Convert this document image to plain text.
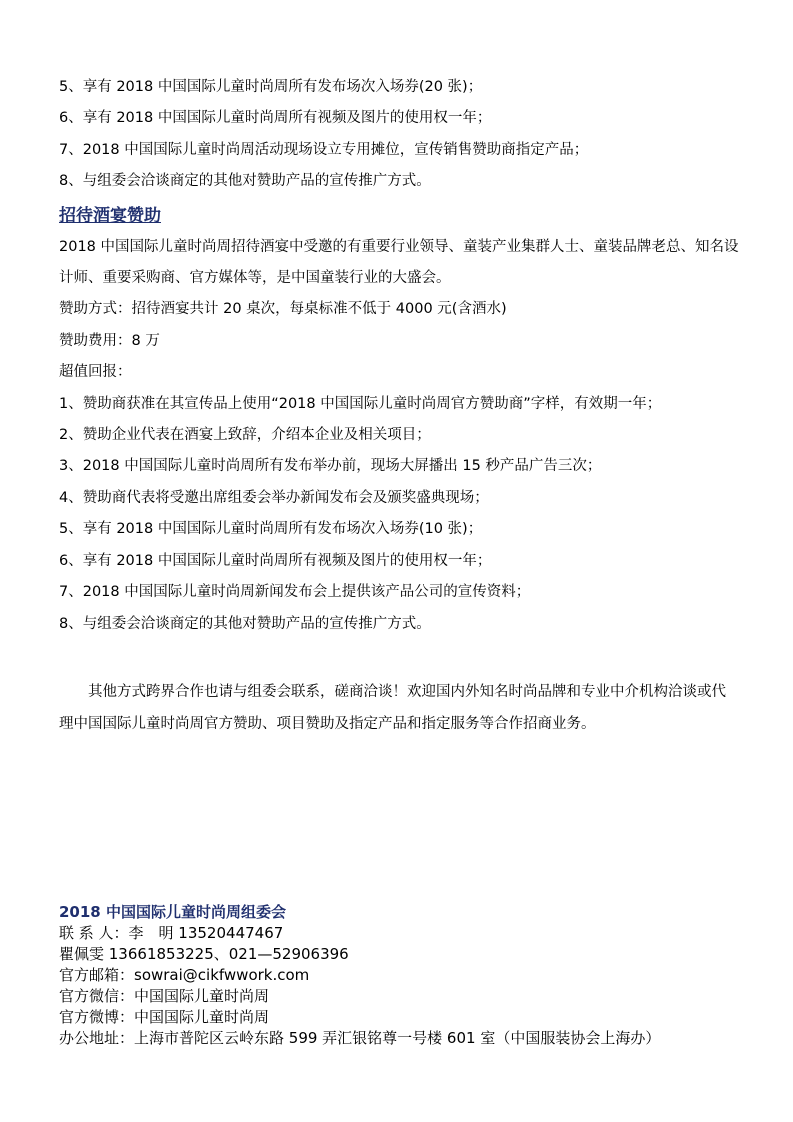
5、享有 2018 中国国际儿童时尚周所有发布场次入场券(20 张)；
6、享有 2018 中国国际儿童时尚周所有视频及图片的使用权一年；
7、2018 中国国际儿童时尚周活动现场设立专用摊位，宣传销售赞助商指定产品；
8、与组委会洽谈商定的其他对赞助产品的宣传推广方式。
招待酒宴赞助
2018 中国国际儿童时尚周招待酒宴中受邀的有重要行业领导、童装产业集群人士、童装品牌老总、知名设计师、重要采购商、官方媒体等，是中国童装行业的大盛会。
赞助方式：招待酒宴共计 20 桌次，每桌标准不低于 4000 元(含酒水)
赞助费用：8 万
超值回报：
1、赞助商获准在其宣传品上使用“2018 中国国际儿童时尚周官方赞助商”字样，有效期一年；
2、赞助企业代表在酒宴上致辞，介绍本企业及相关项目；
3、2018 中国国际儿童时尚周所有发布举办前，现场大屏播出 15 秒产品广告三次；
4、赞助商代表将受邀出席组委会举办新闻发布会及颁奖盛典现场；
5、享有 2018 中国国际儿童时尚周所有发布场次入场券(10 张)；
6、享有 2018 中国国际儿童时尚周所有视频及图片的使用权一年；
7、2018 中国国际儿童时尚周新闻发布会上提供该产品公司的宣传资料；
8、与组委会洽谈商定的其他对赞助产品的宣传推广方式。
其他方式跨界合作也请与组委会联系，磋商洽谈！欢迎国内外知名时尚品牌和专业中介机构洽谈或代理中国国际儿童时尚周官方赞助、项目赞助及指定产品和指定服务等合作招商业务。
2018 中国国际儿童时尚周组委会
联 系 人：李　明 13520447467
瞿佩雯 13661853225、021—52906396
官方邮箱：sowrai@cikfwwork.com
官方微信：中国国际儿童时尚周
官方微博：中国国际儿童时尚周
办公地址：上海市普陀区云岭东路 599 弄汇银铭尊一号楼 601 室（中国服装协会上海办）
